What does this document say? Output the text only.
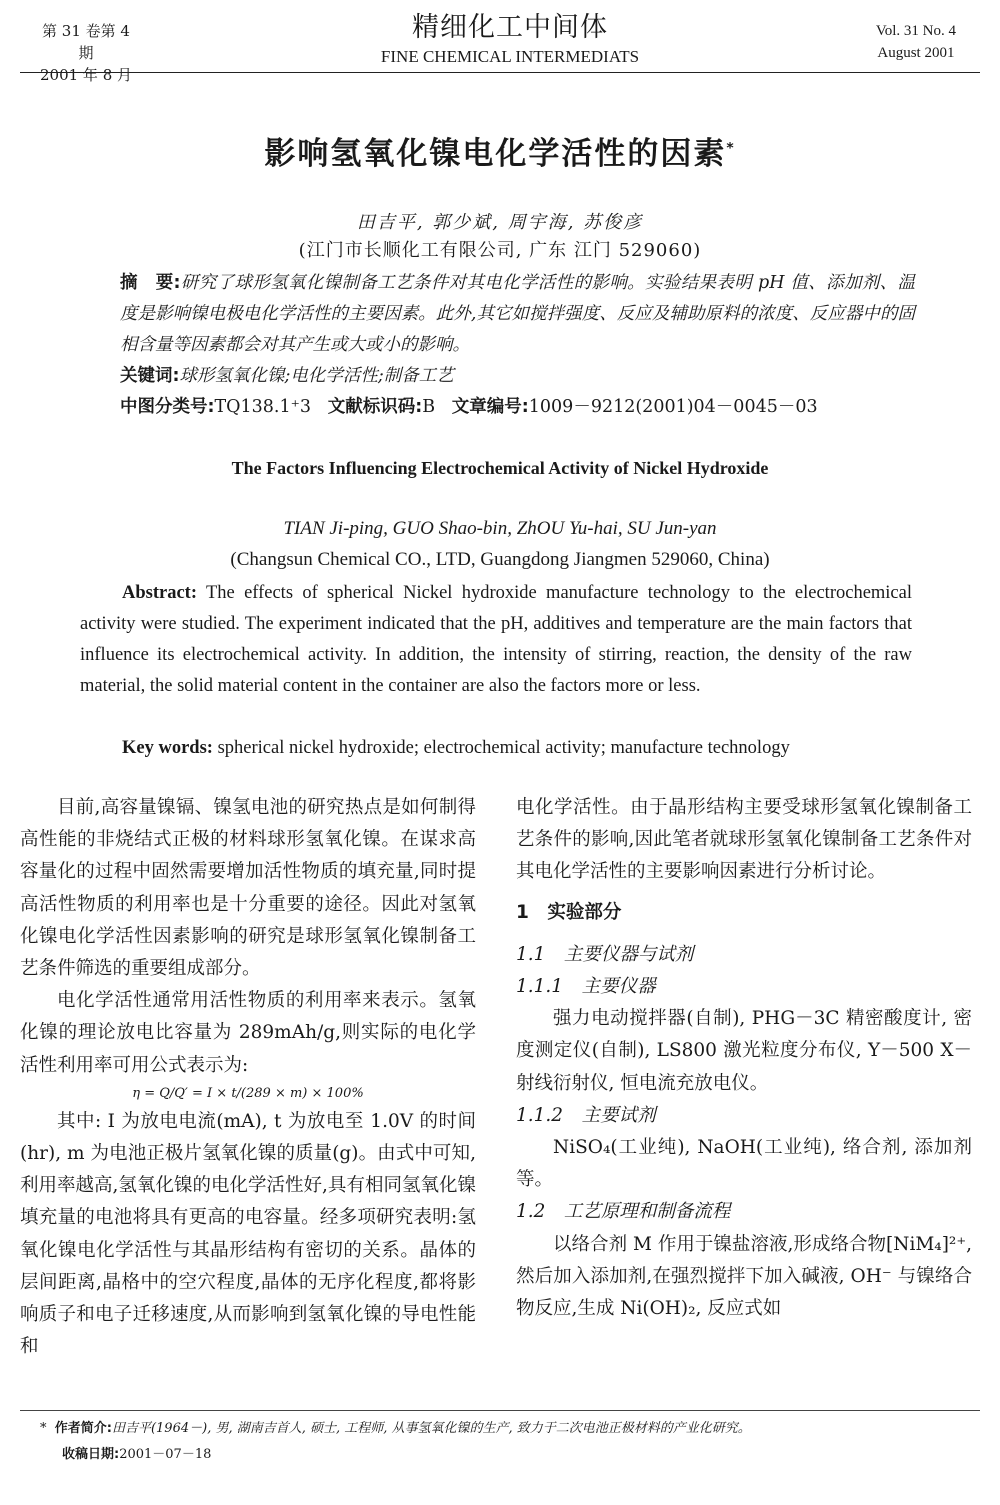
第 31 卷第 4 期
2001 年 8 月
精细化工中间体
FINE CHEMICAL INTERMEDIATS
Vol. 31 No. 4
August 2001
影响氢氧化镍电化学活性的因素*
田吉平, 郭少斌, 周宇海, 苏俊彦
(江门市长顺化工有限公司, 广东 江门 529060)
摘　要:研究了球形氢氧化镍制备工艺条件对其电化学活性的影响。实验结果表明 pH 值、添加剂、温度是影响镍电极电化学活性的主要因素。此外,其它如搅拌强度、反应及辅助原料的浓度、反应器中的固相含量等因素都会对其产生或大或小的影响。
关键词:球形氢氧化镍;电化学活性;制备工艺
中图分类号:TQ138.1⁺3 文献标识码:B 文章编号:1009－9212(2001)04－0045－03
The Factors Influencing Electrochemical Activity of Nickel Hydroxide
TIAN Ji-ping, GUO Shao-bin, ZhOU Yu-hai, SU Jun-yan
(Changsun Chemical CO., LTD, Guangdong Jiangmen 529060, China)
Abstract: The effects of spherical Nickel hydroxide manufacture technology to the electrochemical activity were studied. The experiment indicated that the pH, additives and temperature are the main factors that influence its electrochemical activity. In addition, the intensity of stirring, reaction, the density of the raw material, the solid material content in the container are also the factors more or less.
Key words: spherical nickel hydroxide; electrochemical activity; manufacture technology

目前,高容量镍镉、镍氢电池的研究热点是如何制得高性能的非烧结式正极的材料球形氢氧化镍。在谋求高容量化的过程中固然需要增加活性物质的填充量,同时提高活性物质的利用率也是十分重要的途径。因此对氢氧化镍电化学活性因素影响的研究是球形氢氧化镍制备工艺条件筛选的重要组成部分。

电化学活性通常用活性物质的利用率来表示。氢氧化镍的理论放电比容量为 289mAh/g,则实际的电化学活性利用率可用公式表示为:

η = Q/Q′ = I × t/(289 × m) × 100%

其中: I 为放电电流(mA), t 为放电至 1.0V 的时间(hr), m 为电池正极片氢氧化镍的质量(g)。由式中可知,利用率越高,氢氧化镍的电化学活性好,具有相同氢氧化镍填充量的电池将具有更高的电容量。经多项研究表明:氢氧化镍电化学活性与其晶形结构有密切的关系。晶体的层间距离,晶格中的空穴程度,晶体的无序化程度,都将影响质子和电子迁移速度,从而影响到氢氧化镍的导电性能和

电化学活性。由于晶形结构主要受球形氢氧化镍制备工艺条件的影响,因此笔者就球形氢氧化镍制备工艺条件对其电化学活性的主要影响因素进行分析讨论。

1　实验部分

1.1　主要仪器与试剂

1.1.1　主要仪器

强力电动搅拌器(自制), PHG－3C 精密酸度计, 密度测定仪(自制), LS800 激光粒度分布仪, Y－500 X－射线衍射仪, 恒电流充放电仪。

1.1.2　主要试剂

NiSO₄(工业纯), NaOH(工业纯), 络合剂, 添加剂等。

1.2　工艺原理和制备流程

以络合剂 M 作用于镍盐溶液,形成络合物[NiM₄]²⁺, 然后加入添加剂,在强烈搅拌下加入碱液, OH⁻ 与镍络合物反应,生成 Ni(OH)₂, 反应式如

* 作者简介:田吉平(1964－), 男, 湖南吉首人, 硕士, 工程师, 从事氢氧化镍的生产, 致力于二次电池正极材料的产业化研究。
收稿日期:2001－07－18
